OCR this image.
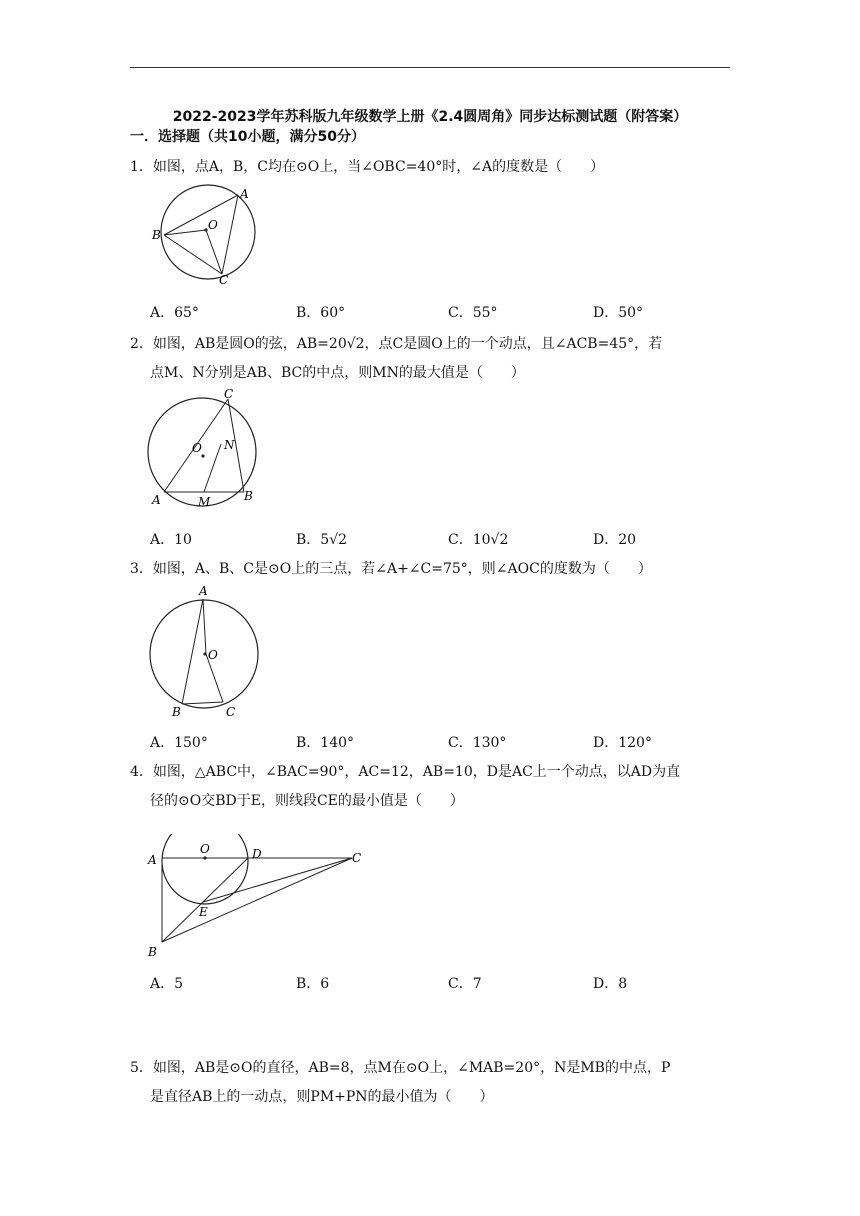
2022-2023学年苏科版九年级数学上册《2.4圆周角》同步达标测试题（附答案）
一．选择题（共10小题，满分50分）
1．如图，点A，B，C均在⊙O上，当∠OBC=40°时，∠A的度数是（　　）
A
B
C
O
A．65°	B．60°	C．55°	D．50°
2．如图，AB是圆O的弦，AB=20√2，点C是圆O上的一个动点，且∠ACB=45°，若
点M、N分别是AB、BC的中点，则MN的最大值是（　　）
C
O N
A	M	B
A．10	B．5√2	C．10√2	D．20
3．如图，A、B、C是⊙O上的三点，若∠A+∠C=75°，则∠AOC的度数为（　　）
A
O
B	C
A．150°	B．140°	C．130°	D．120°
4．如图，△ABC中，∠BAC=90°，AC=12，AB=10，D是AC上一个动点，以AD为直
径的⊙O交BD于E，则线段CE的最小值是（　　）
O
A	D	C
E
B
A．5	B．6	C．7	D．8
5．如图，AB是⊙O的直径，AB=8，点M在⊙O上，∠MAB=20°，N是MB的中点，P
是直径AB上的一动点，则PM+PN的最小值为（　　）
